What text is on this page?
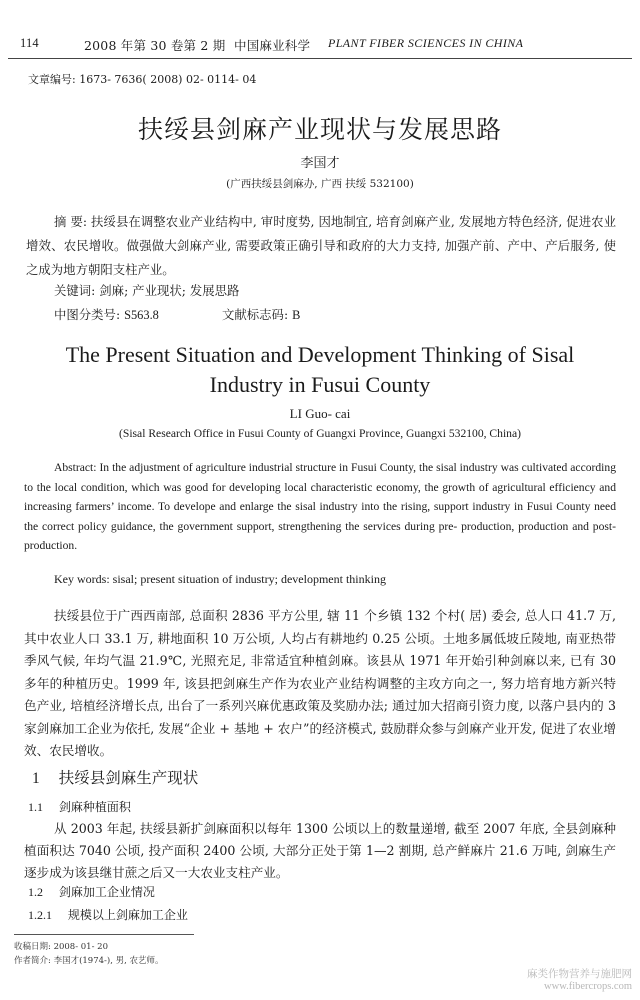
114	2008 年第 30 卷第 2 期 中国麻业科学 PLANT FIBER SCIENCES IN CHINA
文章编号: 1673- 7636( 2008) 02- 0114- 04
扶绥县剑麻产业现状与发展思路
李国才
(广西扶绥县剑麻办, 广西 扶绥 532100)
摘 要: 扶绥县在调整农业产业结构中, 审时度势, 因地制宜, 培育剑麻产业, 发展地方特色经济, 促进农业增效、农民增收。做强做大剑麻产业, 需要政策正确引导和政府的大力支持, 加强产前、产中、产后服务, 使之成为地方朝阳支柱产业。
关键词: 剑麻; 产业现状; 发展思路
中图分类号: S563.8	文献标志码: B
The Present Situation and Development Thinking of Sisal
Industry in Fusui County
LI Guo- cai
(Sisal Research Office in Fusui County of Guangxi Province, Guangxi 532100, China)
Abstract: In the adjustment of agriculture industrial structure in Fusui County, the sisal industry was cultivated according to the local condition, which was good for developing local characteristic economy, the growth of agricultural efficiency and increasing farmers’ income. To develope and enlarge the sisal industry into the rising, support industry in Fusui County need the correct policy guidance, the government support, strengthening the services during pre- production, production and post- production.
Key words: sisal; present situation of industry; development thinking
扶绥县位于广西西南部, 总面积 2836 平方公里, 辖 11 个乡镇 132 个村( 居) 委会, 总人口 41.7 万, 其中农业人口 33.1 万, 耕地面积 10 万公顷, 人均占有耕地约 0.25 公顷。土地多属低坡丘陵地, 南亚热带季风气候, 年均气温 21.9℃, 光照充足, 非常适宜种植剑麻。该县从 1971 年开始引种剑麻以来, 已有 30 多年的种植历史。1999 年, 该县把剑麻生产作为农业产业结构调整的主攻方向之一, 努力培育地方新兴特色产业, 培植经济增长点, 出台了一系列兴麻优惠政策及奖励办法; 通过加大招商引资力度, 以落户县内的 3 家剑麻加工企业为依托, 发展“企业 + 基地 + 农户”的经济模式, 鼓励群众参与剑麻产业开发, 促进了农业增效、农民增收。
1 扶绥县剑麻生产现状
1.1 剑麻种植面积
从 2003 年起, 扶绥县新扩剑麻面积以每年 1300 公顷以上的数量递增, 截至 2007 年底, 全县剑麻种植面积达 7040 公顷, 投产面积 2400 公顷, 大部分正处于第 1—2 割期, 总产鲜麻片 21.6 万吨, 剑麻生产逐步成为该县继甘蔗之后又一大农业支柱产业。
1.2 剑麻加工企业情况
1.2.1 规模以上剑麻加工企业
收稿日期: 2008- 01- 20
作者简介: 李国才(1974-), 男, 农艺师。
麻类作物营养与施肥网
www.fibercrops.com
